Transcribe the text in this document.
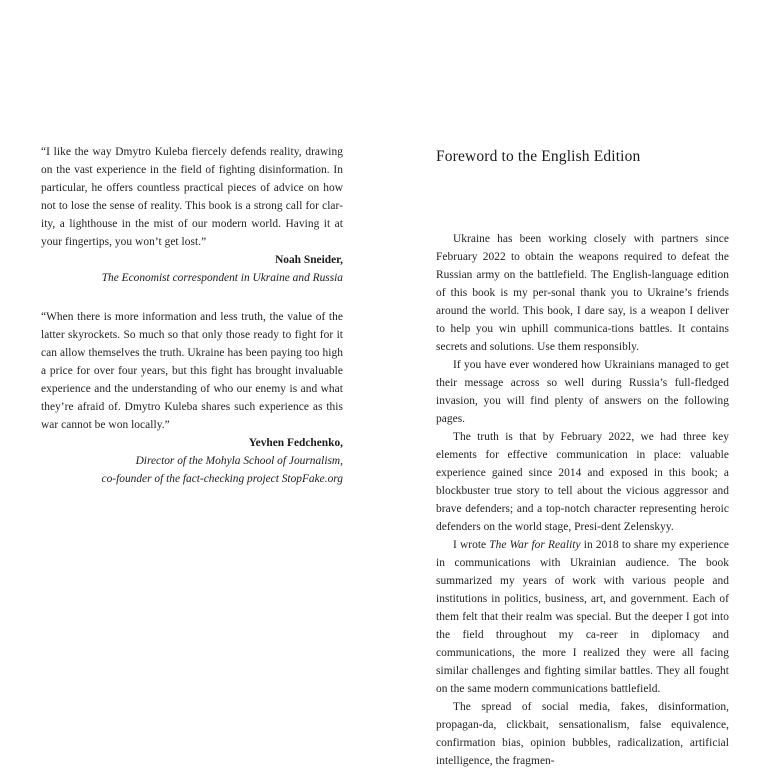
“I like the way Dmytro Kuleba fiercely defends reality, drawing on the vast experience in the field of fighting disinformation. In particular, he offers countless practical pieces of advice on how not to lose the sense of reality. This book is a strong call for clar-ity, a lighthouse in the mist of our modern world. Having it at your fingertips, you won’t get lost.”

Noah Sneider,

The Economist correspondent in Ukraine and Russia

“When there is more information and less truth, the value of the latter skyrockets. So much so that only those ready to fight for it can allow themselves the truth. Ukraine has been paying too high a price for over four years, but this fight has brought invaluable experience and the understanding of who our enemy is and what they’re afraid of. Dmytro Kuleba shares such experience as this war cannot be won locally.”

Yevhen Fedchenko,

Director of the Mohyla School of Journalism,

co-founder of the fact-checking project StopFake.org

Foreword to the English Edition

Ukraine has been working closely with partners since February 2022 to obtain the weapons required to defeat the Russian army on the battlefield. The English-language edition of this book is my per-sonal thank you to Ukraine’s friends around the world. This book, I dare say, is a weapon I deliver to help you win uphill communica-tions battles. It contains secrets and solutions. Use them responsibly.

If you have ever wondered how Ukrainians managed to get their message across so well during Russia’s full-fledged invasion, you will find plenty of answers on the following pages.

The truth is that by February 2022, we had three key elements for effective communication in place: valuable experience gained since 2014 and exposed in this book; a blockbuster true story to tell about the vicious aggressor and brave defenders; and a top-notch character representing heroic defenders on the world stage, Presi-dent Zelenskyy.

I wrote The War for Reality in 2018 to share my experience in communications with Ukrainian audience. The book summarized my years of work with various people and institutions in politics, business, art, and government. Each of them felt that their realm was special. But the deeper I got into the field throughout my ca-reer in diplomacy and communications, the more I realized they were all facing similar challenges and fighting similar battles. They all fought on the same modern communications battlefield.

The spread of social media, fakes, disinformation, propagan-da, clickbait, sensationalism, false equivalence, confirmation bias, opinion bubbles, radicalization, artificial intelligence, the fragmen-
